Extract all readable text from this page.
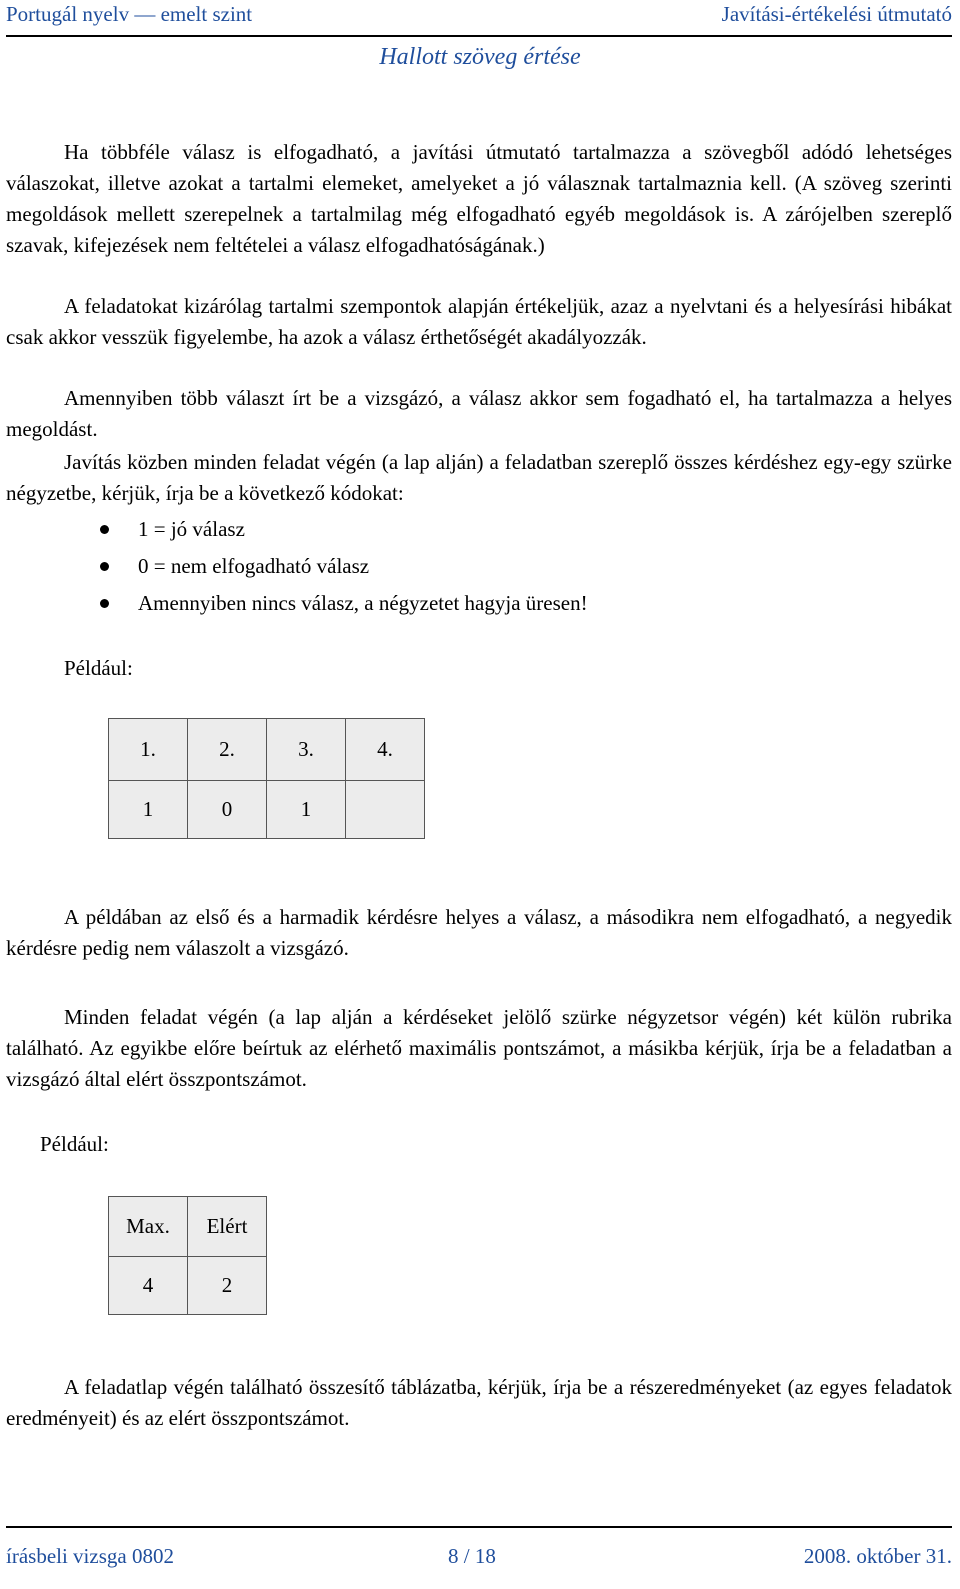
Portugál nyelv — emelt szint	Javítási-értékelési útmutató
Hallott szöveg értése

Ha többféle válasz is elfogadható, a javítási útmutató tartalmazza a szövegből adódó lehetséges válaszokat, illetve azokat a tartalmi elemeket, amelyeket a jó válasznak tartalmaznia kell. (A szöveg szerinti megoldások mellett szerepelnek a tartalmilag még elfogadható egyéb megoldások is. A zárójelben szereplő szavak, kifejezések nem feltételei a válasz elfogadhatóságának.)

A feladatokat kizárólag tartalmi szempontok alapján értékeljük, azaz a nyelvtani és a helyesírási hibákat csak akkor vesszük figyelembe, ha azok a válasz érthetőségét akadályozzák.

Amennyiben több választ írt be a vizsgázó, a válasz akkor sem fogadható el, ha tartalmazza a helyes megoldást.

Javítás közben minden feladat végén (a lap alján) a feladatban szereplő összes kérdéshez egy-egy szürke négyzetbe, kérjük, írja be a következő kódokat:

1 = jó válasz
0 = nem elfogadható válasz
Amennyiben nincs válasz, a négyzetet hagyja üresen!
Például:
1.	2.	3.	4.
1	0	1	

A példában az első és a harmadik kérdésre helyes a válasz, a másodikra nem elfogadható, a negyedik kérdésre pedig nem válaszolt a vizsgázó.

Minden feladat végén (a lap alján a kérdéseket jelölő szürke négyzetsor végén) két külön rubrika található. Az egyikbe előre beírtuk az elérhető maximális pontszámot, a másikba kérjük, írja be a feladatban a vizsgázó által elért összpontszámot.

Például:
Max.	Elért
4	2

A feladatlap végén található összesítő táblázatba, kérjük, írja be a részeredményeket (az egyes feladatok eredményeit) és az elért összpontszámot.

írásbeli vizsga 0802	8 / 18	2008. október 31.
